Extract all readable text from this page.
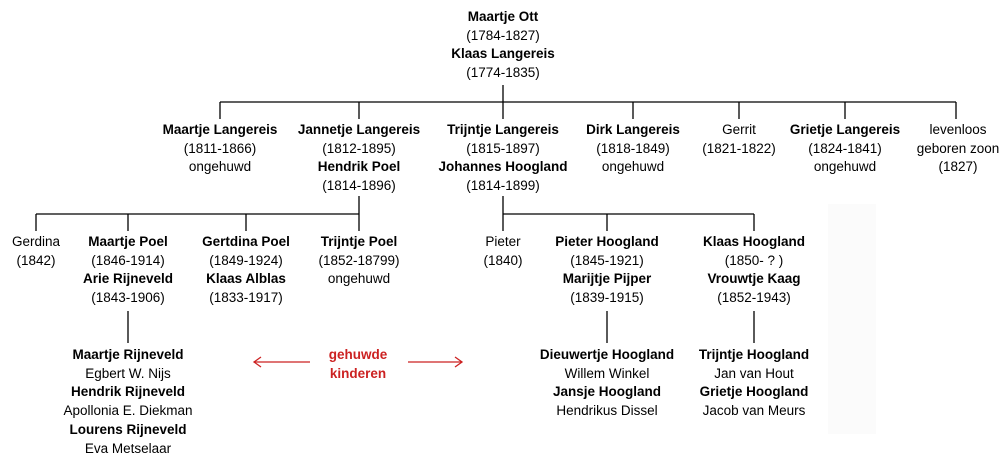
Maartje Ott
(1784-1827)
Klaas Langereis
(1774-1835)
Maartje Langereis
(1811-1866)
ongehuwd
Jannetje Langereis
(1812-1895)
Hendrik Poel
(1814-1896)
Trijntje Langereis
(1815-1897)
Johannes Hoogland
(1814-1899)
Dirk Langereis
(1818-1849)
ongehuwd
Gerrit
(1821-1822)
Grietje Langereis
(1824-1841)
ongehuwd
levenloos
geboren zoon
(1827)
Gerdina
(1842)
Maartje Poel
(1846-1914)
Arie Rijneveld
(1843-1906)
Gertdina Poel
(1849-1924)
Klaas Alblas
(1833-1917)
Trijntje Poel
(1852-18799)
ongehuwd
Pieter
(1840)
Pieter Hoogland
(1845-1921)
Marijtje Pijper
(1839-1915)
Klaas Hoogland
(1850- ? )
Vrouwtje Kaag
(1852-1943)
Maartje Rijneveld
Egbert W. Nijs
Hendrik Rijneveld
Apollonia E. Diekman
Lourens Rijneveld
Eva Metselaar
Dieuwertje Hoogland
Willem Winkel
Jansje Hoogland
Hendrikus Dissel
Trijntje Hoogland
Jan van Hout
Grietje Hoogland
Jacob van Meurs
gehuwde
kinderen
